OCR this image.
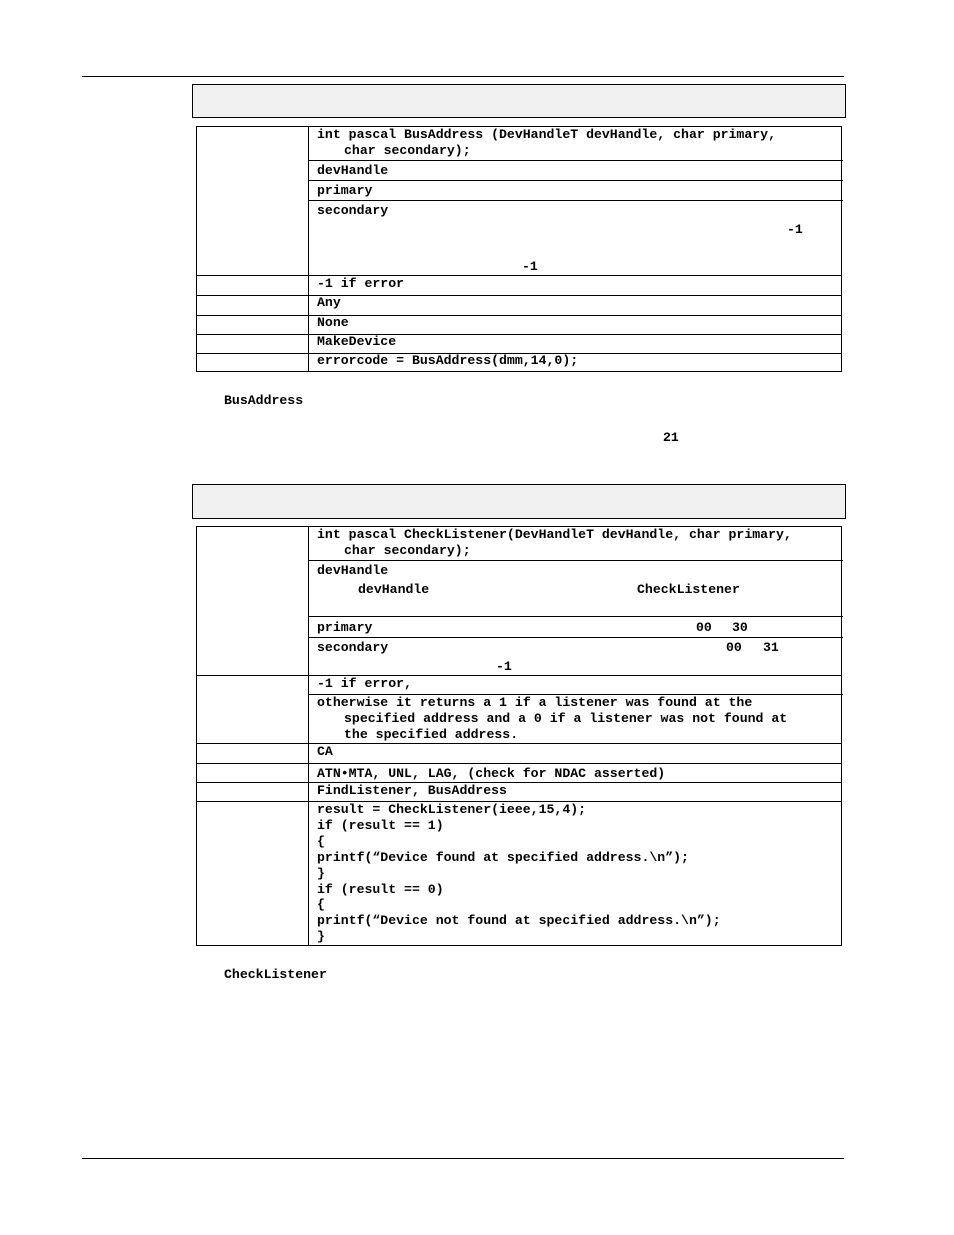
int pascal BusAddress (DevHandleT devHandle, char primary,
char secondary);
devHandle
primary
secondary
-1
-1
-1 if error
Any
None
MakeDevice
errorcode = BusAddress(dmm,14,0);
BusAddress
21
int pascal CheckListener(DevHandleT devHandle, char primary,
char secondary);
devHandle
devHandle	CheckListener
primary	00 30
secondary	00 31
-1
-1 if error,
otherwise it returns a 1 if a listener was found at the
specified address and a 0 if a listener was not found at
the specified address.
CA
ATN•MTA, UNL, LAG, (check for NDAC asserted)
FindListener, BusAddress
result = CheckListener(ieee,15,4);
if (result == 1)
{
printf(“Device found at specified address.\n”);
}
if (result == 0)
{
printf(“Device not found at specified address.\n”);
}
CheckListener
